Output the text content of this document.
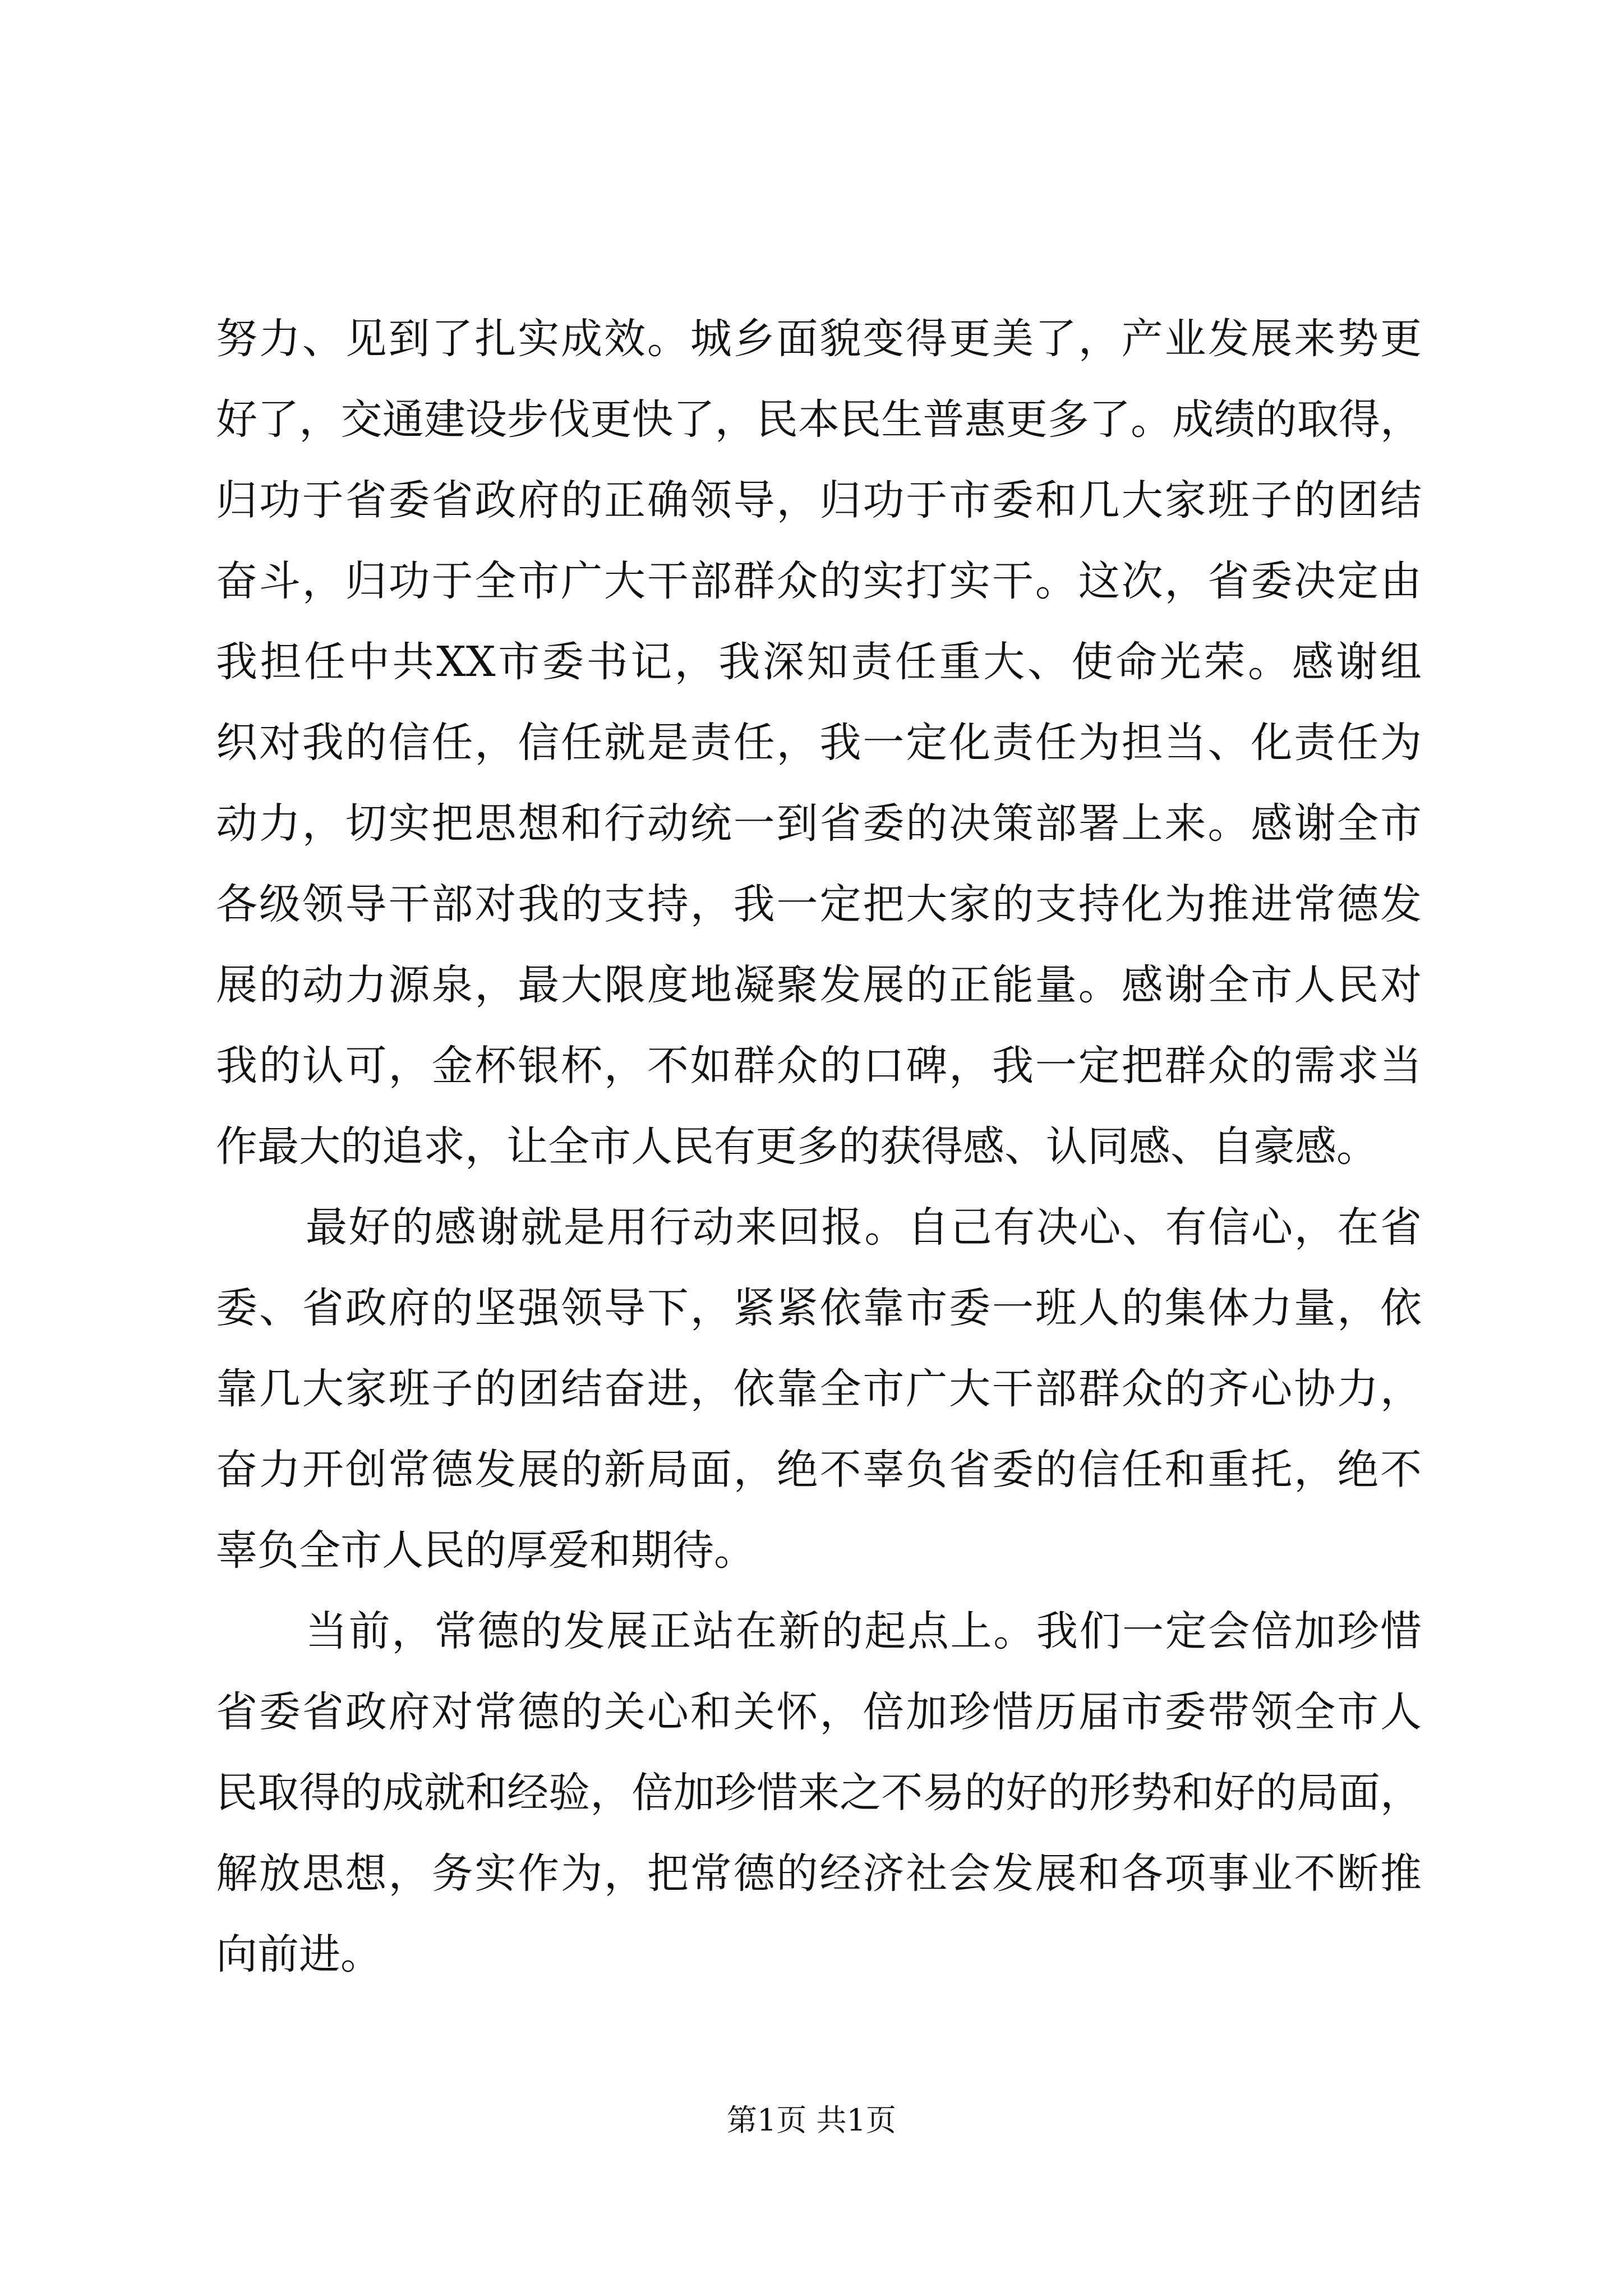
努力、见到了扎实成效。城乡面貌变得更美了，产业发展来势更
好了，交通建设步伐更快了，民本民生普惠更多了。成绩的取得，
归功于省委省政府的正确领导，归功于市委和几大家班子的团结
奋斗，归功于全市广大干部群众的实打实干。这次，省委决定由
我担任中共XX市委书记，我深知责任重大、使命光荣。感谢组
织对我的信任，信任就是责任，我一定化责任为担当、化责任为
动力，切实把思想和行动统一到省委的决策部署上来。感谢全市
各级领导干部对我的支持，我一定把大家的支持化为推进常德发
展的动力源泉，最大限度地凝聚发展的正能量。感谢全市人民对
我的认可，金杯银杯，不如群众的口碑，我一定把群众的需求当
作最大的追求，让全市人民有更多的获得感、认同感、自豪感。
最好的感谢就是用行动来回报。自己有决心、有信心，在省
委、省政府的坚强领导下，紧紧依靠市委一班人的集体力量，依
靠几大家班子的团结奋进，依靠全市广大干部群众的齐心协力，
奋力开创常德发展的新局面，绝不辜负省委的信任和重托，绝不
辜负全市人民的厚爱和期待。
当前，常德的发展正站在新的起点上。我们一定会倍加珍惜
省委省政府对常德的关心和关怀，倍加珍惜历届市委带领全市人
民取得的成就和经验，倍加珍惜来之不易的好的形势和好的局面，
解放思想，务实作为，把常德的经济社会发展和各项事业不断推
向前进。
第1页 共1页
